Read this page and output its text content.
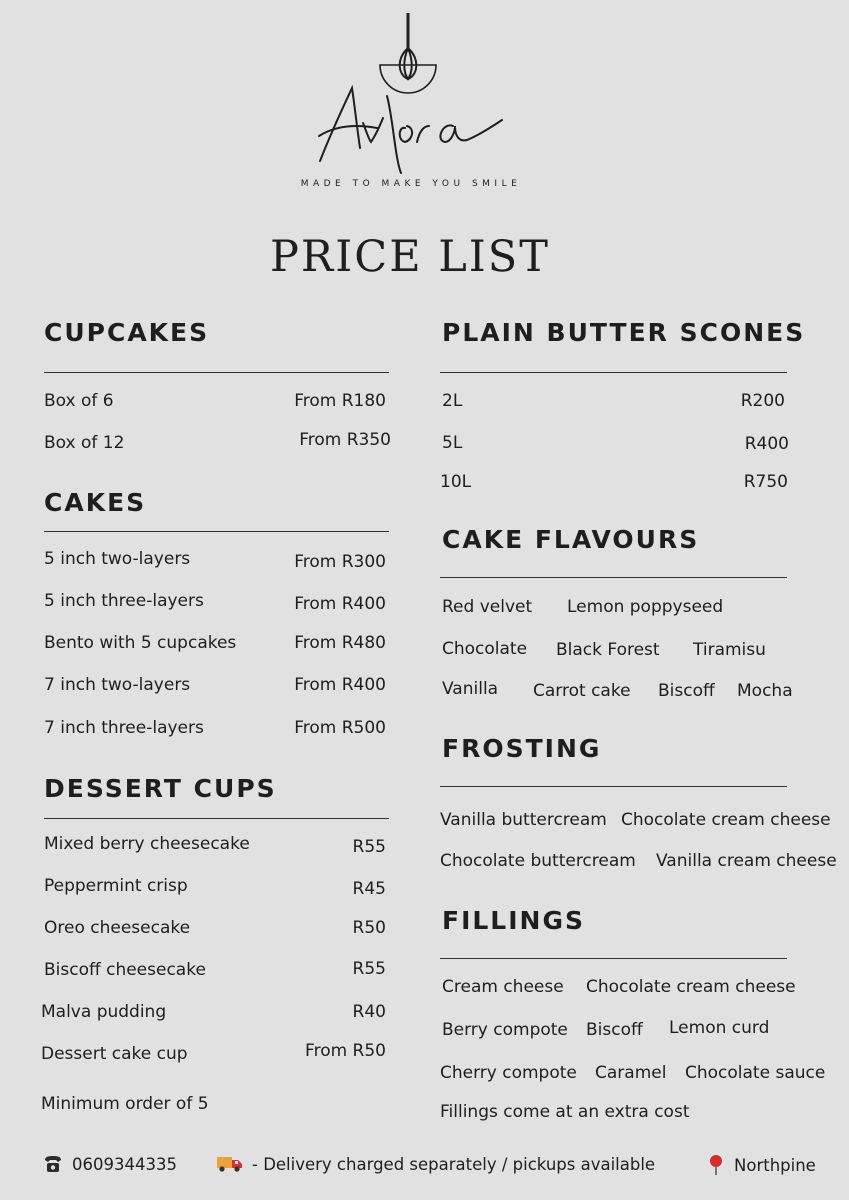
MADE TO MAKE YOU SMILE
PRICE LIST
CUPCAKES
Box of 6	From R180
Box of 12	From R350
CAKES
5 inch two-layers	From R300
5 inch three-layers	From R400
Bento with 5 cupcakes	From R480
7 inch two-layers	From R400
7 inch three-layers	From R500
DESSERT CUPS
Mixed berry cheesecake	R55
Peppermint crisp	R45
Oreo cheesecake	R50
Biscoff cheesecake	R55
Malva pudding	R40
Dessert cake cup	From R50
Minimum order of 5
PLAIN BUTTER SCONES
2L	R200
5L	R400
10L	R750
CAKE FLAVOURS
Red velvet Lemon poppyseed
Chocolate Black Forest Tiramisu
Vanilla Carrot cake Biscoff Mocha
FROSTING
Vanilla buttercream Chocolate cream cheese
Chocolate buttercream Vanilla cream cheese
FILLINGS
Cream cheese Chocolate cream cheese
Berry compote Biscoff Lemon curd
Cherry compote Caramel Chocolate sauce
Fillings come at an extra cost
0609344335	- Delivery charged separately / pickups available	Northpine
